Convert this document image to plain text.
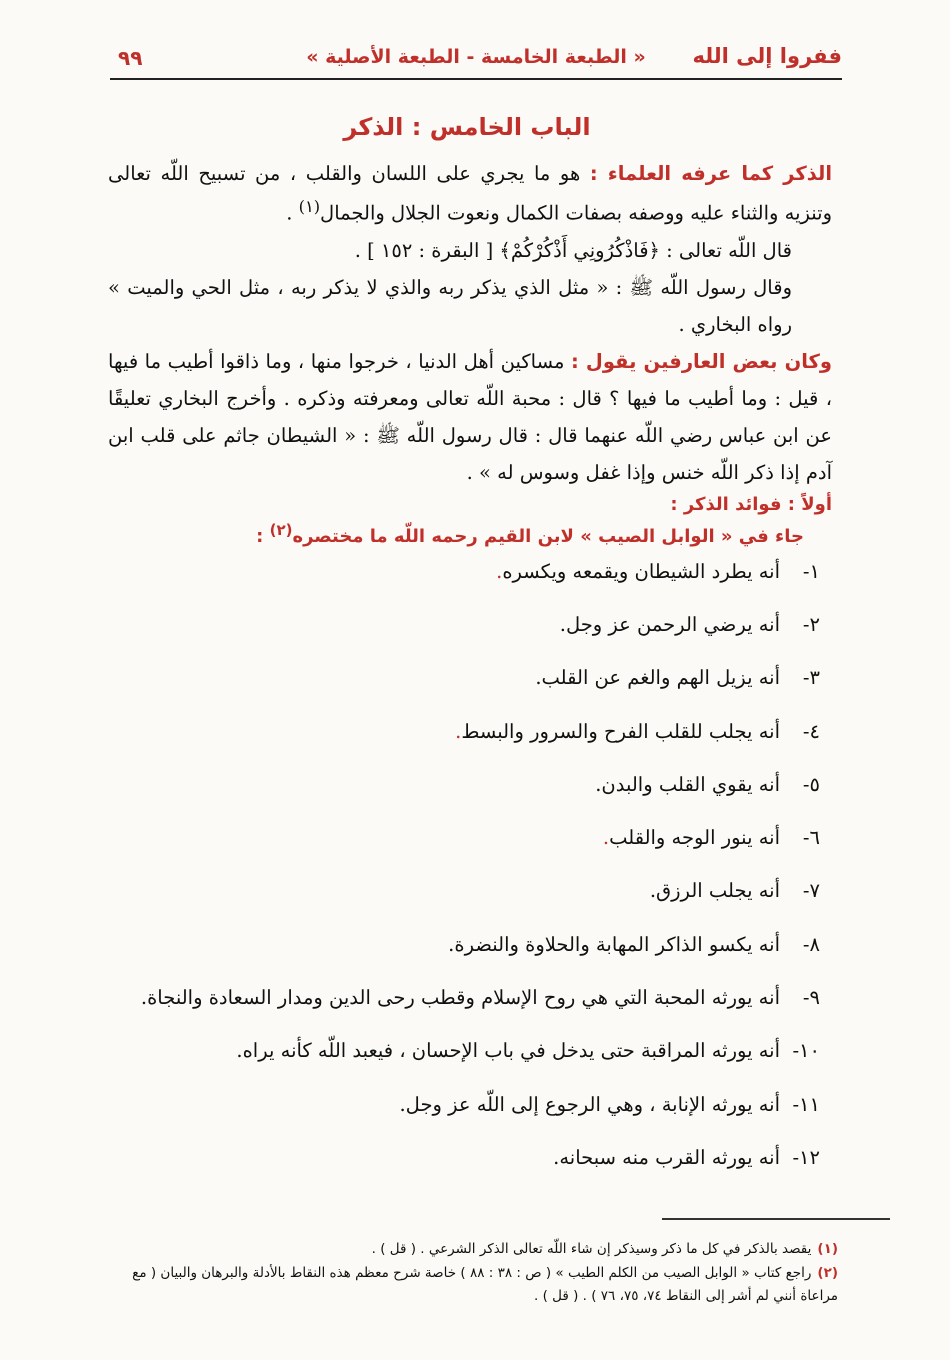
ففروا إلى الله
« الطبعة الخامسة - الطبعة الأصلية »
٩٩
الباب الخامس : الذكر

الذكر كما عرفه العلماء : هو ما يجري على اللسان والقلب ، من تسبيح اللّه تعالى وتنزيه والثناء عليه ووصفه بصفات الكمال ونعوت الجلال والجمال$^{(١)}$ .

قال اللّه تعالى : ﴿فَاذْكُرُونِي أَذْكُرْكُمْ﴾ [ البقرة : ١٥٢ ] .

وقال رسول اللّه ﷺ : « مثل الذي يذكر ربه والذي لا يذكر ربه ، مثل الحي والميت » رواه البخاري .

وكان بعض العارفين يقول : مساكين أهل الدنيا ، خرجوا منها ، وما ذاقوا أطيب ما فيها ، قيل : وما أطيب ما فيها ؟ قال : محبة اللّه تعالى ومعرفته وذكره . وأخرج البخاري تعليقًا عن ابن عباس رضي اللّه عنهما قال : قال رسول اللّه ﷺ : « الشيطان جاثم على قلب ابن آدم إذا ذكر اللّه خنس وإذا غفل وسوس له » .

أولاً : فوائد الذكر :

جاء في « الوابل الصيب » لابن القيم رحمه اللّه ما مختصره$^{(٢)}$ :

١-
أنه يطرد الشيطان ويقمعه ويكسره
.
٢-
أنه يرضي الرحمن عز وجل
.
٣-
أنه يزيل الهم والغم عن القلب
.
٤-
أنه يجلب للقلب الفرح والسرور والبسط
.
٥-
أنه يقوي القلب والبدن
.
٦-
أنه ينور الوجه والقلب
.
٧-
أنه يجلب الرزق
.
٨-
أنه يكسو الذاكر المهابة والحلاوة والنضرة
.
٩-
أنه يورثه المحبة التي هي روح الإسلام وقطب رحى الدين ومدار السعادة والنجاة
.
١٠-
أنه يورثه المراقبة حتى يدخل في باب الإحسان ، فيعبد اللّه كأنه يراه
.
١١-
أنه يورثه الإنابة ، وهي الرجوع إلى اللّه عز وجل
.
١٢-
أنه يورثه القرب منه سبحانه
.

(١)يقصد بالذكر في كل ما ذكر وسيذكر إن شاء اللّه تعالى الذكر الشرعي . ( قل ) .

(٢)راجع كتاب « الوابل الصيب من الكلم الطيب » ( ص : ٣٨ : ٨٨ ) خاصة شرح معظم هذه النقاط بالأدلة والبرهان والبيان ( مع مراعاة أنني لم أشر إلى النقاط ٧٤، ٧٥، ٧٦ ) . ( قل ) .
